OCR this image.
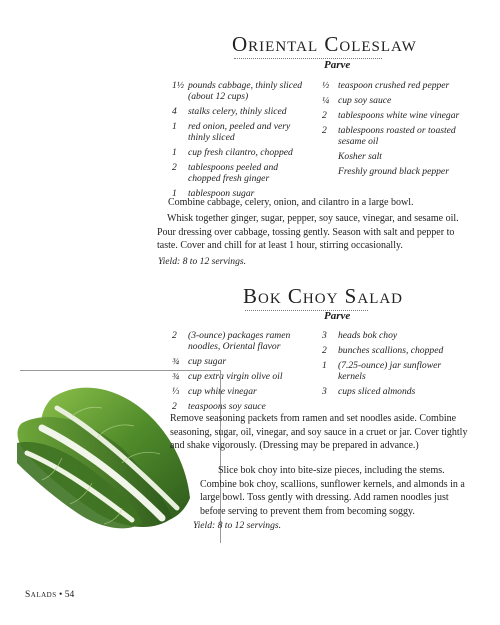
Oriental Coleslaw
Parve
1½ pounds cabbage, thinly sliced (about 12 cups)
4	stalks celery, thinly sliced
1	red onion, peeled and very thinly sliced
1	cup fresh cilantro, chopped
2	tablespoons peeled and chopped fresh ginger
1	tablespoon sugar
½ teaspoon crushed red pepper
¼ cup soy sauce
2	tablespoons white wine vinegar
2	tablespoons roasted or toasted sesame oil
Kosher salt
Freshly ground black pepper

Combine cabbage, celery, onion, and cilantro in a large bowl.

Whisk together ginger, sugar, pepper, soy sauce, vinegar, and sesame oil. Pour dressing over cabbage, tossing gently. Season with salt and pepper to taste. Cover and chill for at least 1 hour, stirring occasionally.

Yield: 8 to 12 servings.
Bok Choy Salad
Parve
2	(3-ounce) packages ramen noodles, Oriental flavor
¾ cup sugar
¾ cup extra virgin olive oil
⅓ cup white vinegar
2	teaspoons soy sauce
3	heads bok choy
2	bunches scallions, chopped
1	(7.25-ounce) jar sunflower kernels
3	cups sliced almonds

Remove seasoning packets from ramen and set noodles aside. Combine seasoning, sugar, oil, vinegar, and soy sauce in a cruet or jar. Cover tightly and shake vigorously. (Dressing may be prepared in advance.)

Slice bok choy into bite-size pieces, including the stems. Combine bok choy, scallions, sunflower kernels, and almonds in a large bowl. Toss gently with dressing. Add ramen noodles just before serving to prevent them from becoming soggy.

Yield: 8 to 12 servings.
Salads • 54
